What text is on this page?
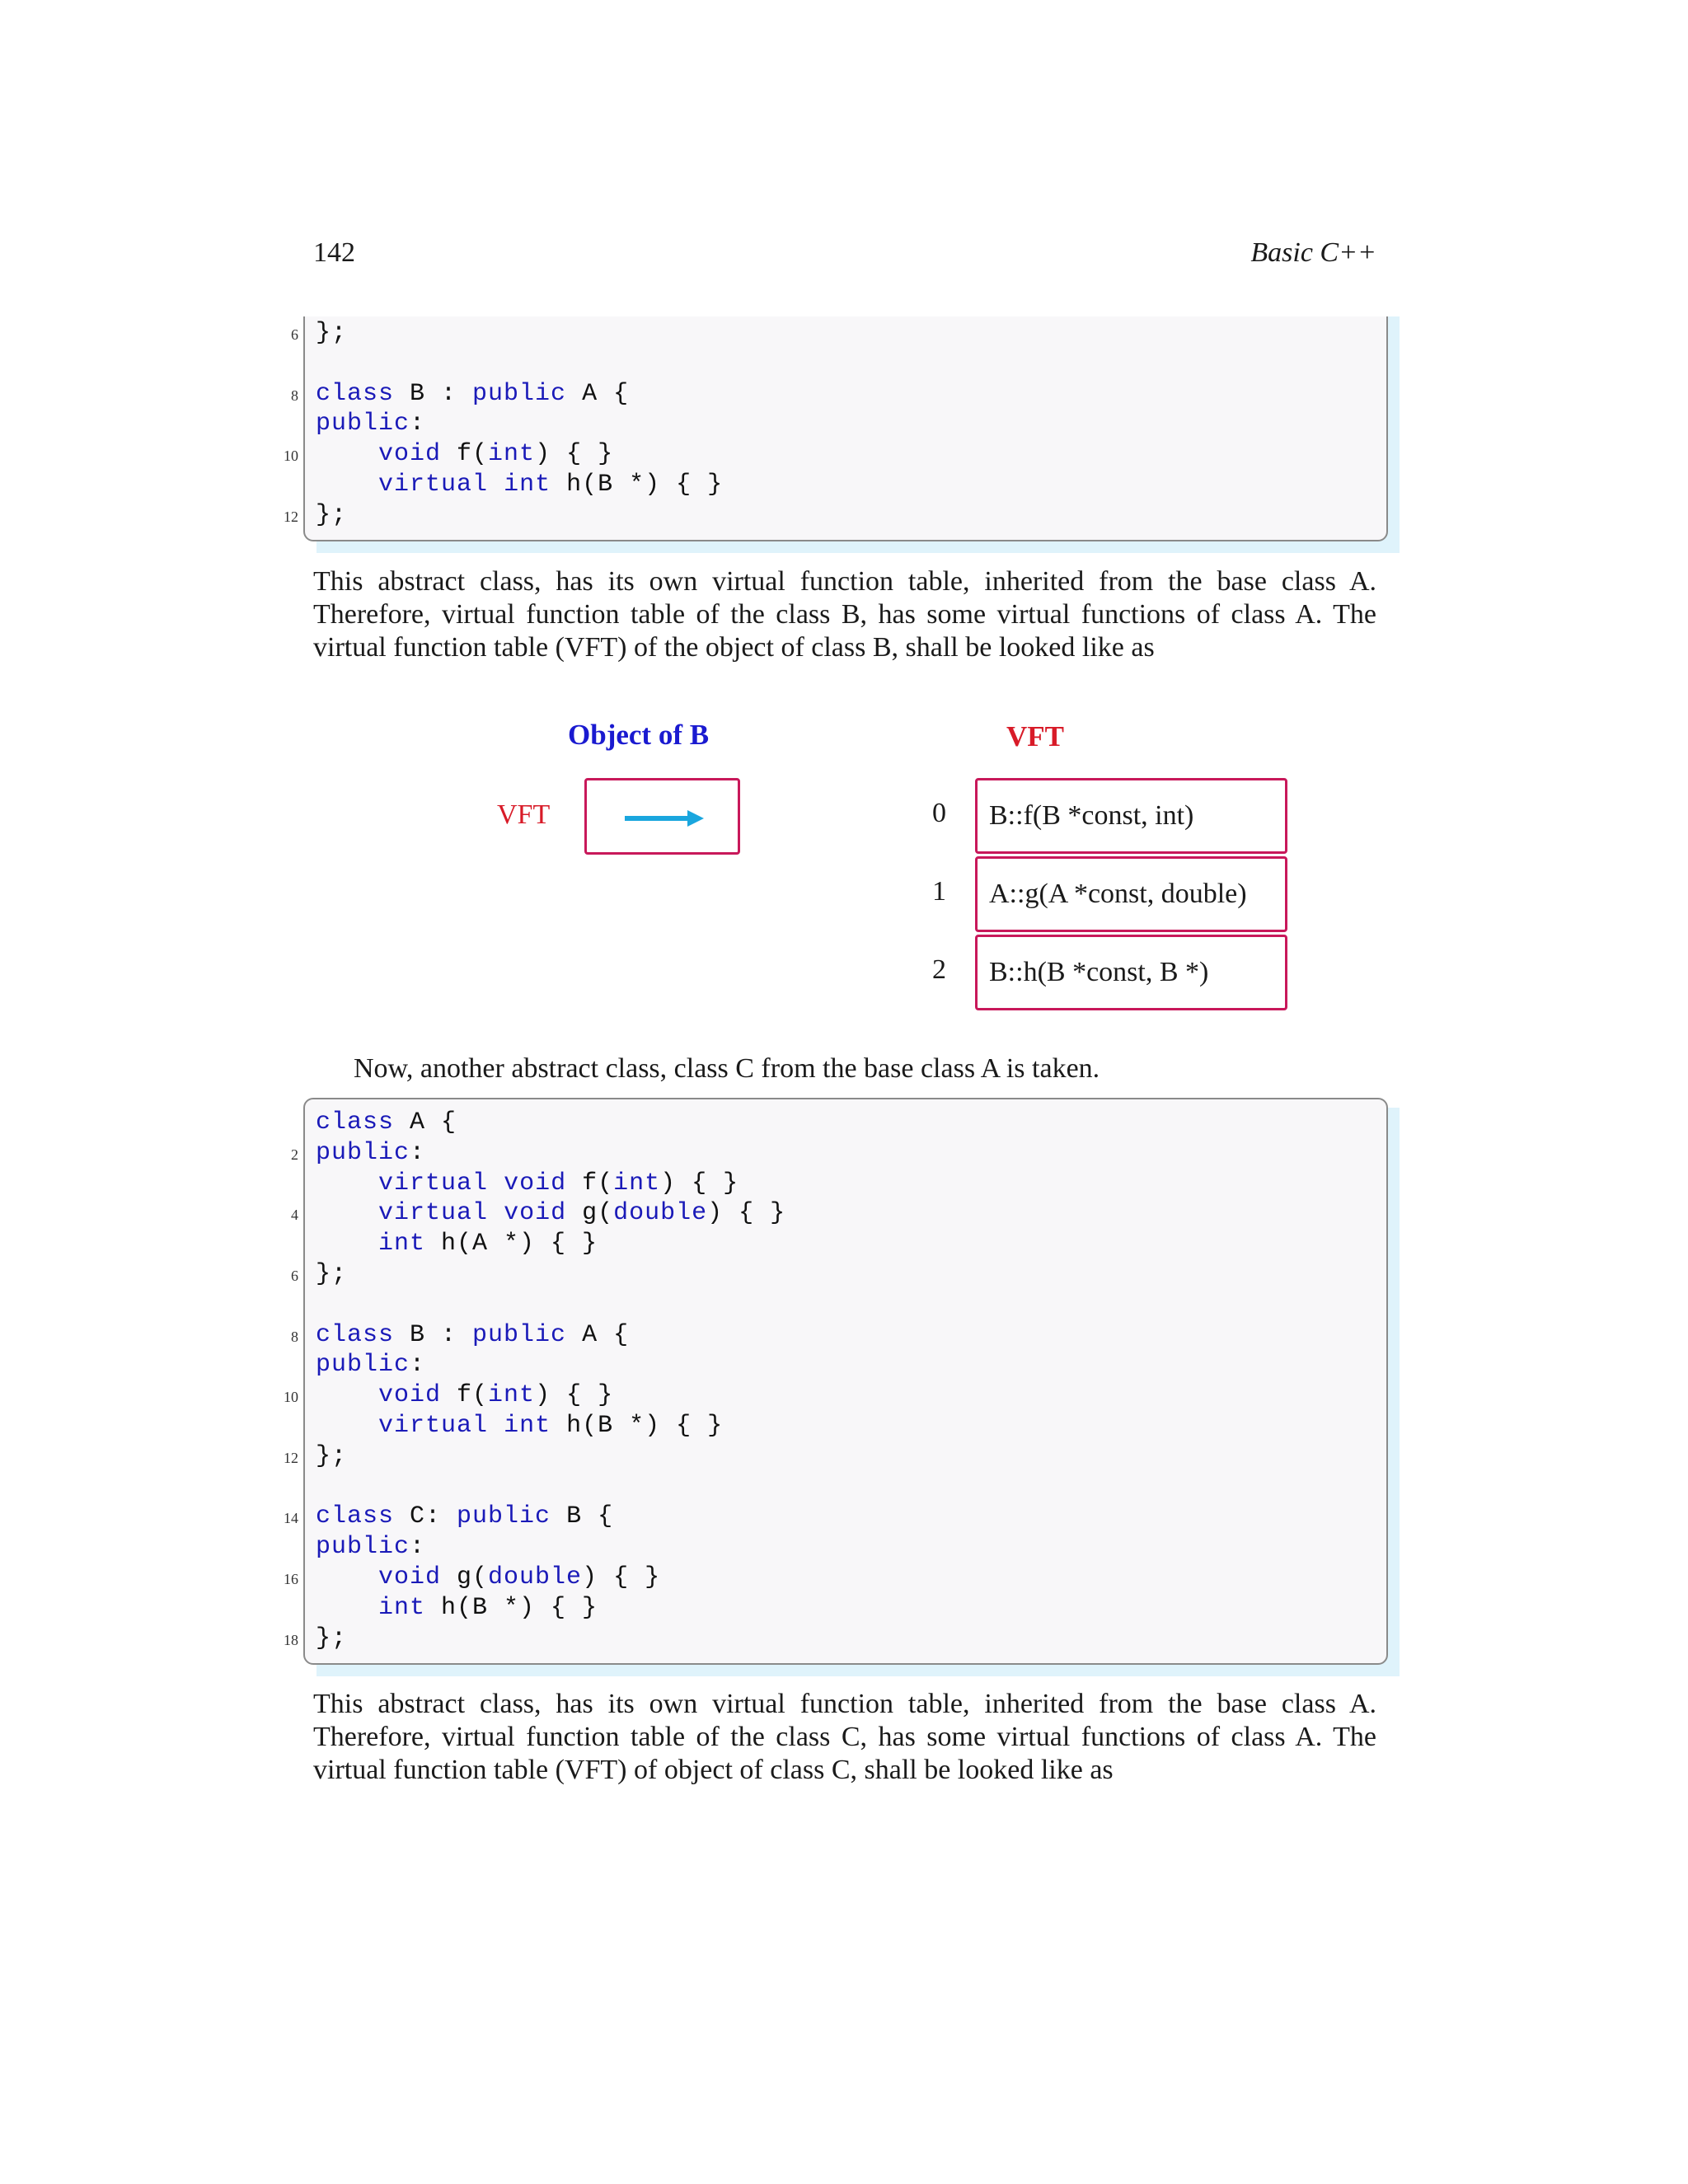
142	Basic C++
6 };
8 class B : public A {
public:
10	void f(int) { }
virtual int h(B *) { }
12 };
This abstract class, has its own virtual function table, inherited from the base class A. Therefore, virtual function table of the class B, has some virtual functions of class A. The virtual function table (VFT) of the object of class B, shall be looked like as
Object of B	VFT
VFT	0 B::f(B *const, int)
1 A::g(A *const, double)
2 B::h(B *const, B *)
Now, another abstract class, class C from the base class A is taken.
class A {
2 public:
virtual void f(int) { }
4	virtual void g(double) { }
int h(A *) { }
6 };
8 class B : public A {
public:
10	void f(int) { }
virtual int h(B *) { }
12 };
14 class C: public B {
public:
16	void g(double) { }
int h(B *) { }
18 };
This abstract class, has its own virtual function table, inherited from the base class A. Therefore, virtual function table of the class C, has some virtual functions of class A. The virtual function table (VFT) of object of class C, shall be looked like as
